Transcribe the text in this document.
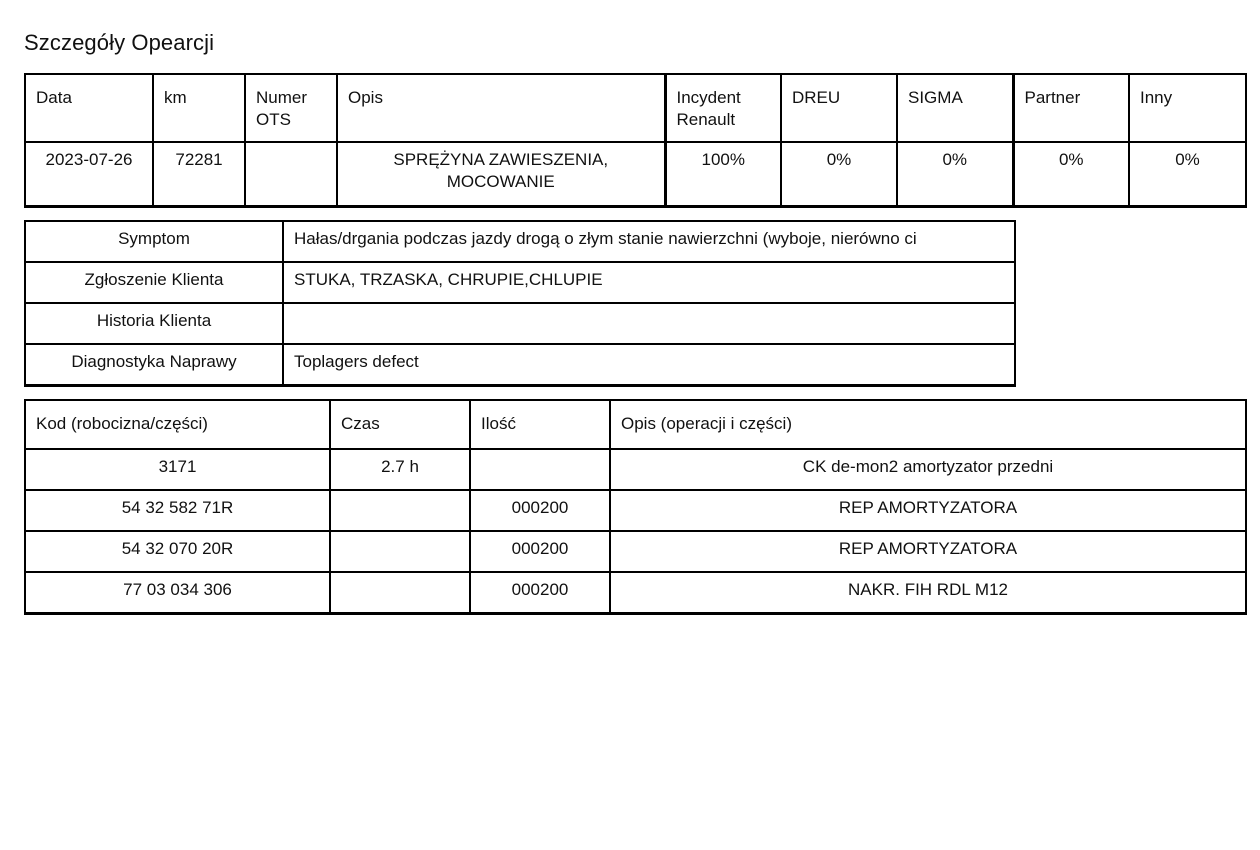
Szczegóły Opearcji
Data	km	Numer OTS	Opis	Incydent Renault	DREU	SIGMA	Partner	Inny
2023-07-26	72281		SPRĘŻYNA ZAWIESZENIA, MOCOWANIE	100%	0%	0%	0%	0%
Symptom	Hałas/drgania podczas jazdy drogą o złym stanie nawierzchni (wyboje, nierówno ci
Zgłoszenie Klienta	STUKA, TRZASKA, CHRUPIE,CHLUPIE
Historia Klienta	
Diagnostyka Naprawy	Toplagers defect
Kod (robocizna/części)	Czas	Ilość	Opis (operacji i części)
3171	2.7 h		CK de-mon2 amortyzator przedni
54 32 582 71R		000200	REP AMORTYZATORA
54 32 070 20R		000200	REP AMORTYZATORA
77 03 034 306		000200	NAKR. FIH RDL M12
